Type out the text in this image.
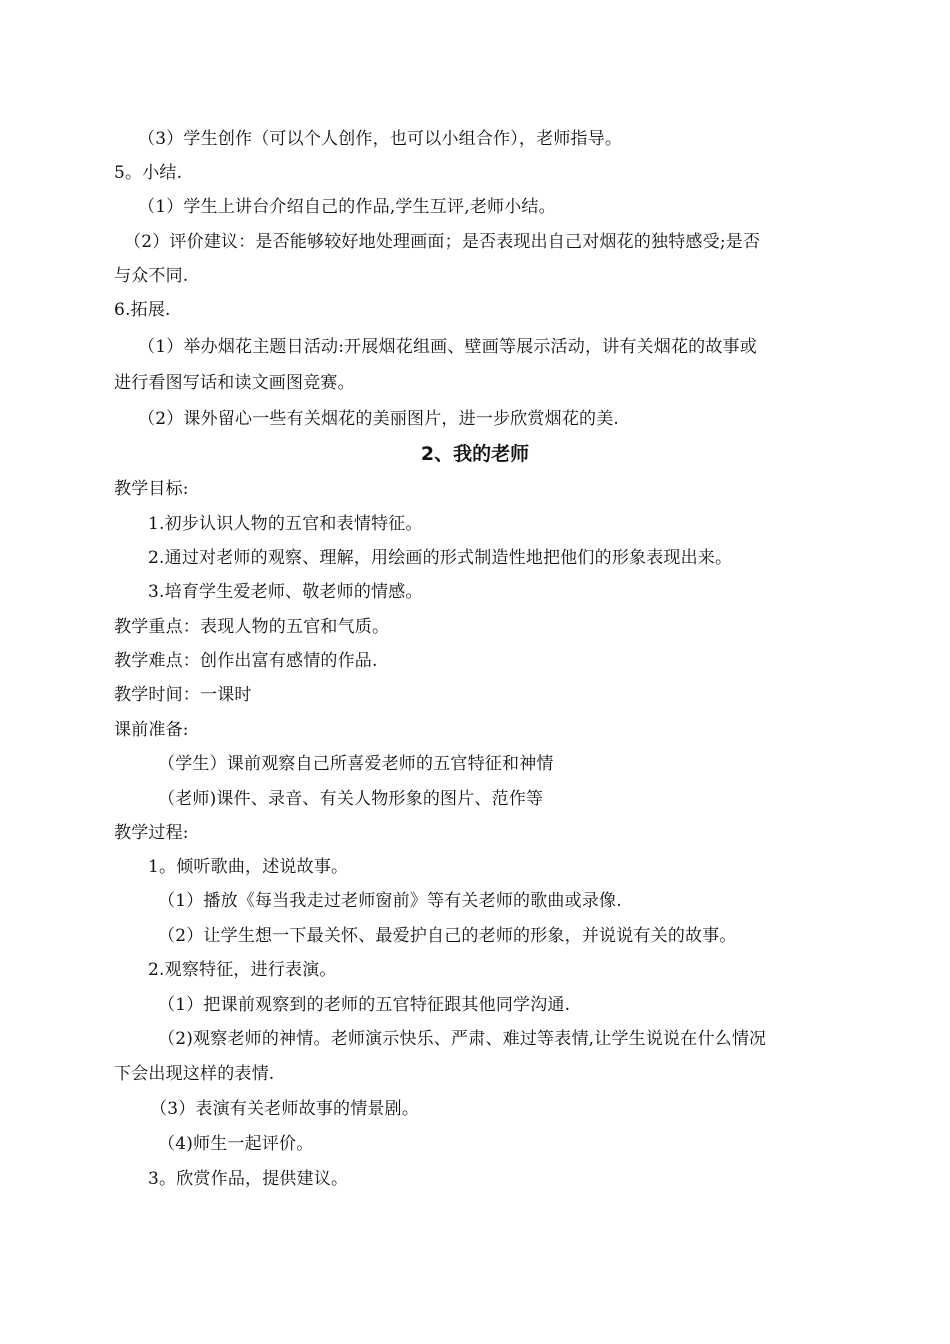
（3）学生创作（可以个人创作，也可以小组合作），老师指导。
5。小结.
（1）学生上讲台介绍自己的作品,学生互评,老师小结。
（2）评价建议：是否能够较好地处理画面；是否表现出自己对烟花的独特感受;是否
与众不同.
6.拓展.
（1）举办烟花主题日活动:开展烟花组画、壁画等展示活动，讲有关烟花的故事或
进行看图写话和读文画图竞赛。
（2）课外留心一些有关烟花的美丽图片，进一步欣赏烟花的美.
2、我的老师
教学目标:
1.初步认识人物的五官和表情特征。
2.通过对老师的观察、理解，用绘画的形式制造性地把他们的形象表现出来。
3.培育学生爱老师、敬老师的情感。
教学重点：表现人物的五官和气质。
教学难点：创作出富有感情的作品.
教学时间：一课时
课前准备:
（学生）课前观察自己所喜爱老师的五官特征和神情
（老师)课件、录音、有关人物形象的图片、范作等
教学过程:
1。倾听歌曲，述说故事。
（1）播放《每当我走过老师窗前》等有关老师的歌曲或录像.
（2）让学生想一下最关怀、最爱护自己的老师的形象，并说说有关的故事。
2.观察特征，进行表演。
（1）把课前观察到的老师的五官特征跟其他同学沟通.
（2)观察老师的神情。老师演示快乐、严肃、难过等表情,让学生说说在什么情况
下会出现这样的表情.
（3）表演有关老师故事的情景剧。
（4)师生一起评价。
3。欣赏作品，提供建议。
